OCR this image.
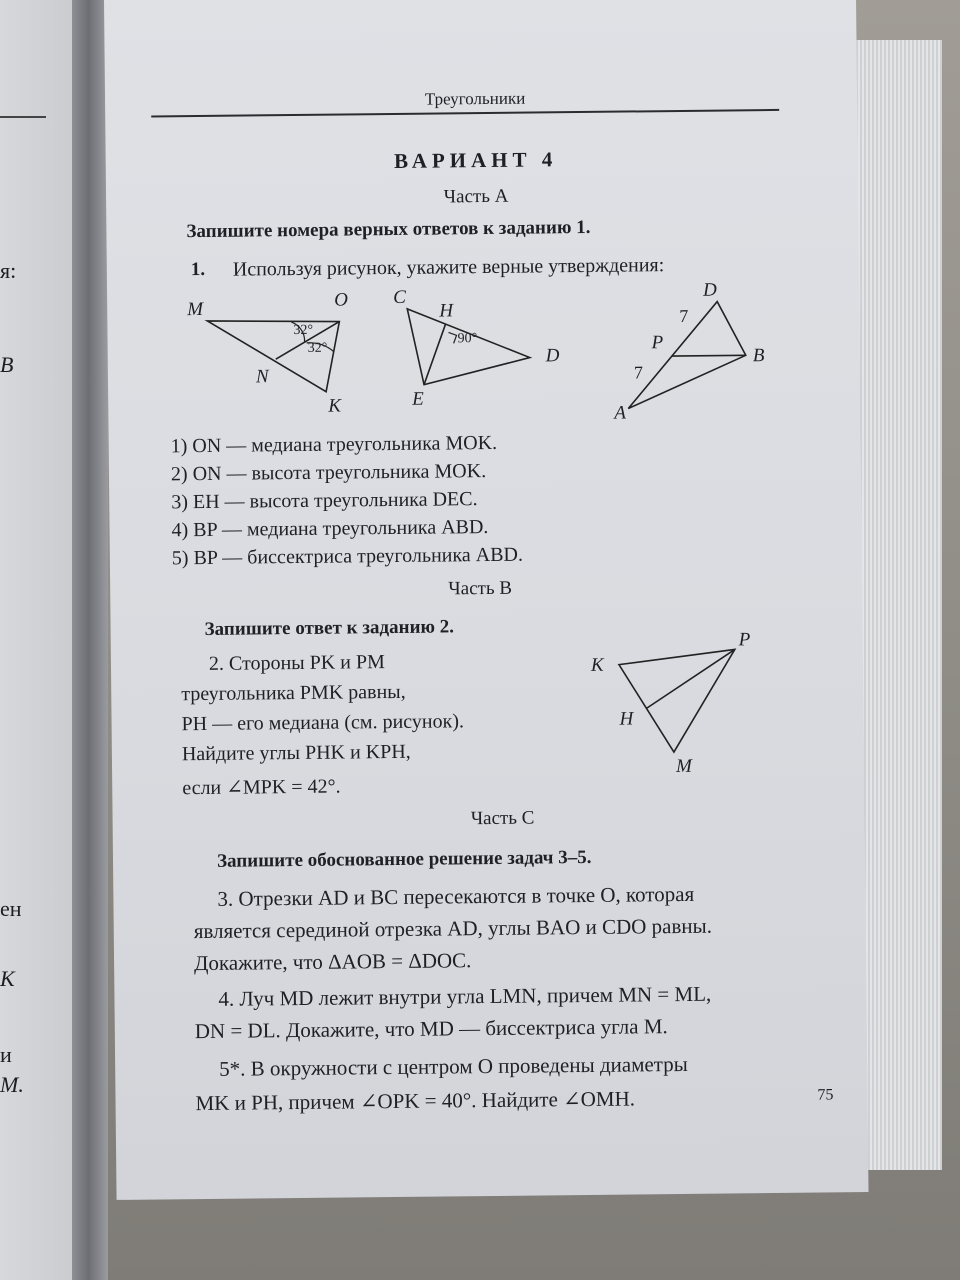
я:
B
ен
K
и
М.
Треугольники
ВАРИАНТ 4
Часть А
Запишите номера верных ответов к заданию 1.
1. Используя рисунок, укажите верные утверждения:
M	O
N
K
32°
32°
C
H
D
E
90°
D
P
B
A
7
7
1) ON — медиана треугольника MOK.
2) ON — высота треугольника MOK.
3) EH — высота треугольника DEC.
4) BP — медиана треугольника ABD.
5) BP — биссектриса треугольника ABD.
Часть В
Запишите ответ к заданию 2.
2. Стороны PK и PM
треугольника PMK равны,
PH — его медиана (см. рисунок).
Найдите углы PHK и KPH,
если ∠MPK = 42°.
K
P
H
M
Часть С
Запишите обоснованное решение задач 3–5.
3. Отрезки AD и BC пересекаются в точке O, которая
является серединой отрезка AD, углы BAO и CDO равны.
Докажите, что ΔAOB = ΔDOC.
4. Луч MD лежит внутри угла LMN, причем MN = ML,
DN = DL. Докажите, что MD — биссектриса угла M.
5*. В окружности с центром O проведены диаметры
MK и PH, причем ∠OPK = 40°. Найдите ∠OMH.	75
